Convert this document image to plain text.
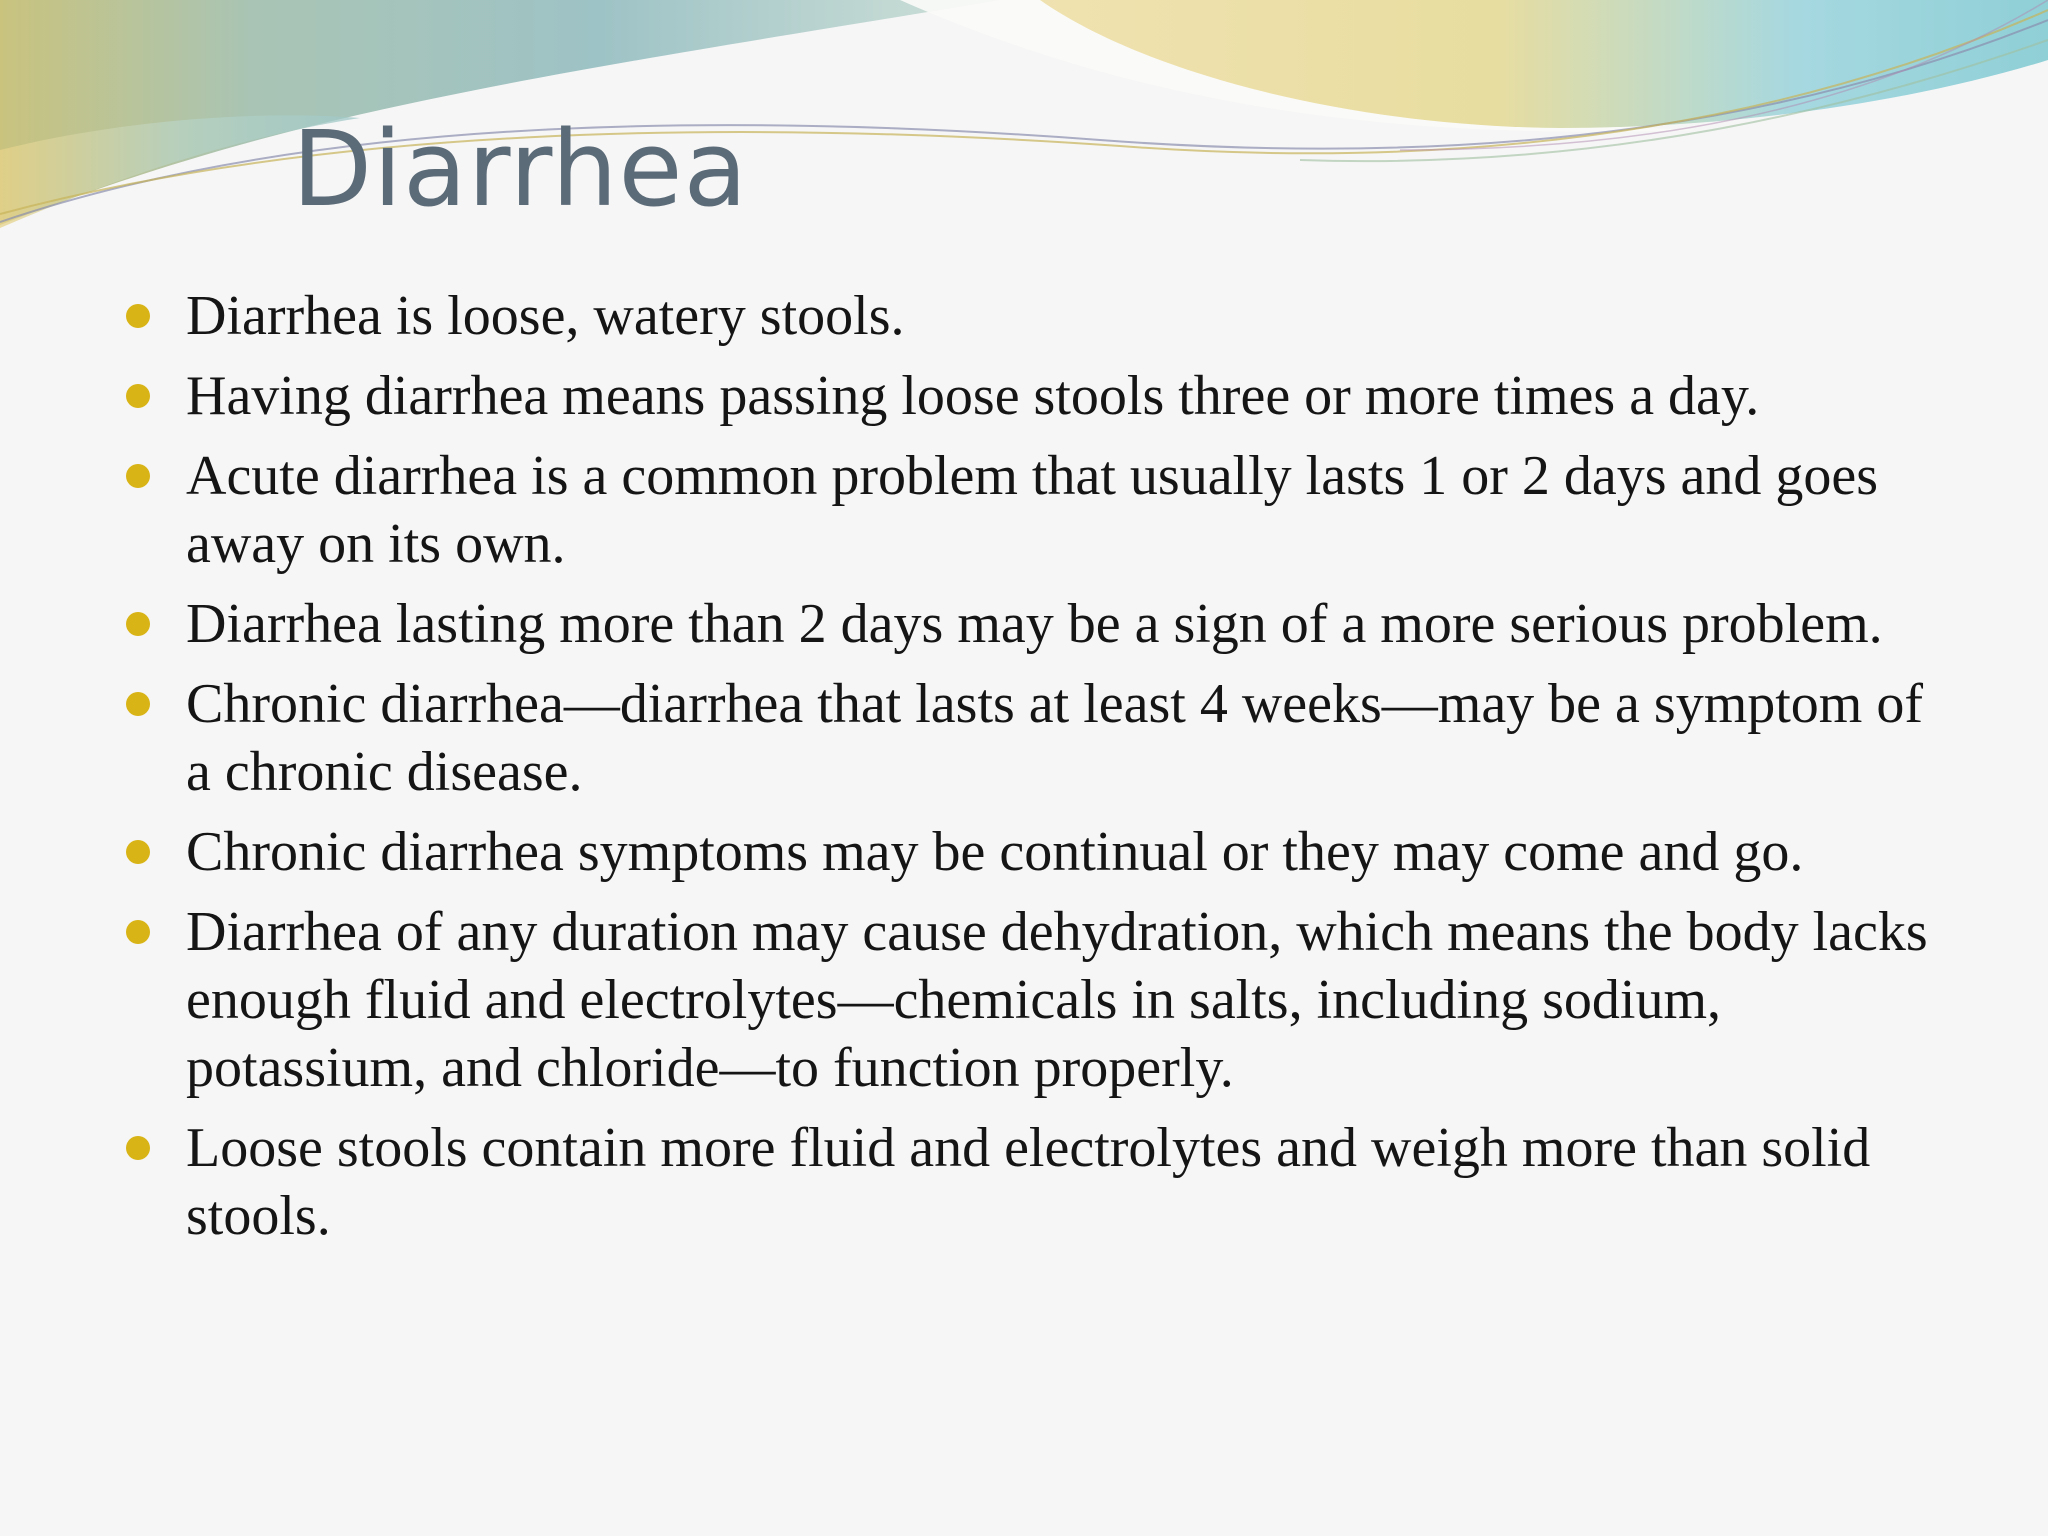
Diarrhea
Diarrhea is loose, watery stools.
Having diarrhea means passing loose stools three or more times a day.
Acute diarrhea is a common problem that usually lasts 1 or 2 days and goes away on its own.
Diarrhea lasting more than 2 days may be a sign of a more serious problem.
Chronic diarrhea—diarrhea that lasts at least 4 weeks—may be a symptom of a chronic disease.
Chronic diarrhea symptoms may be continual or they may come and go.
Diarrhea of any duration may cause dehydration, which means the body lacks enough fluid and electrolytes—chemicals in salts, including sodium, potassium, and chloride—to function properly.
Loose stools contain more fluid and electrolytes and weigh more than solid stools.
